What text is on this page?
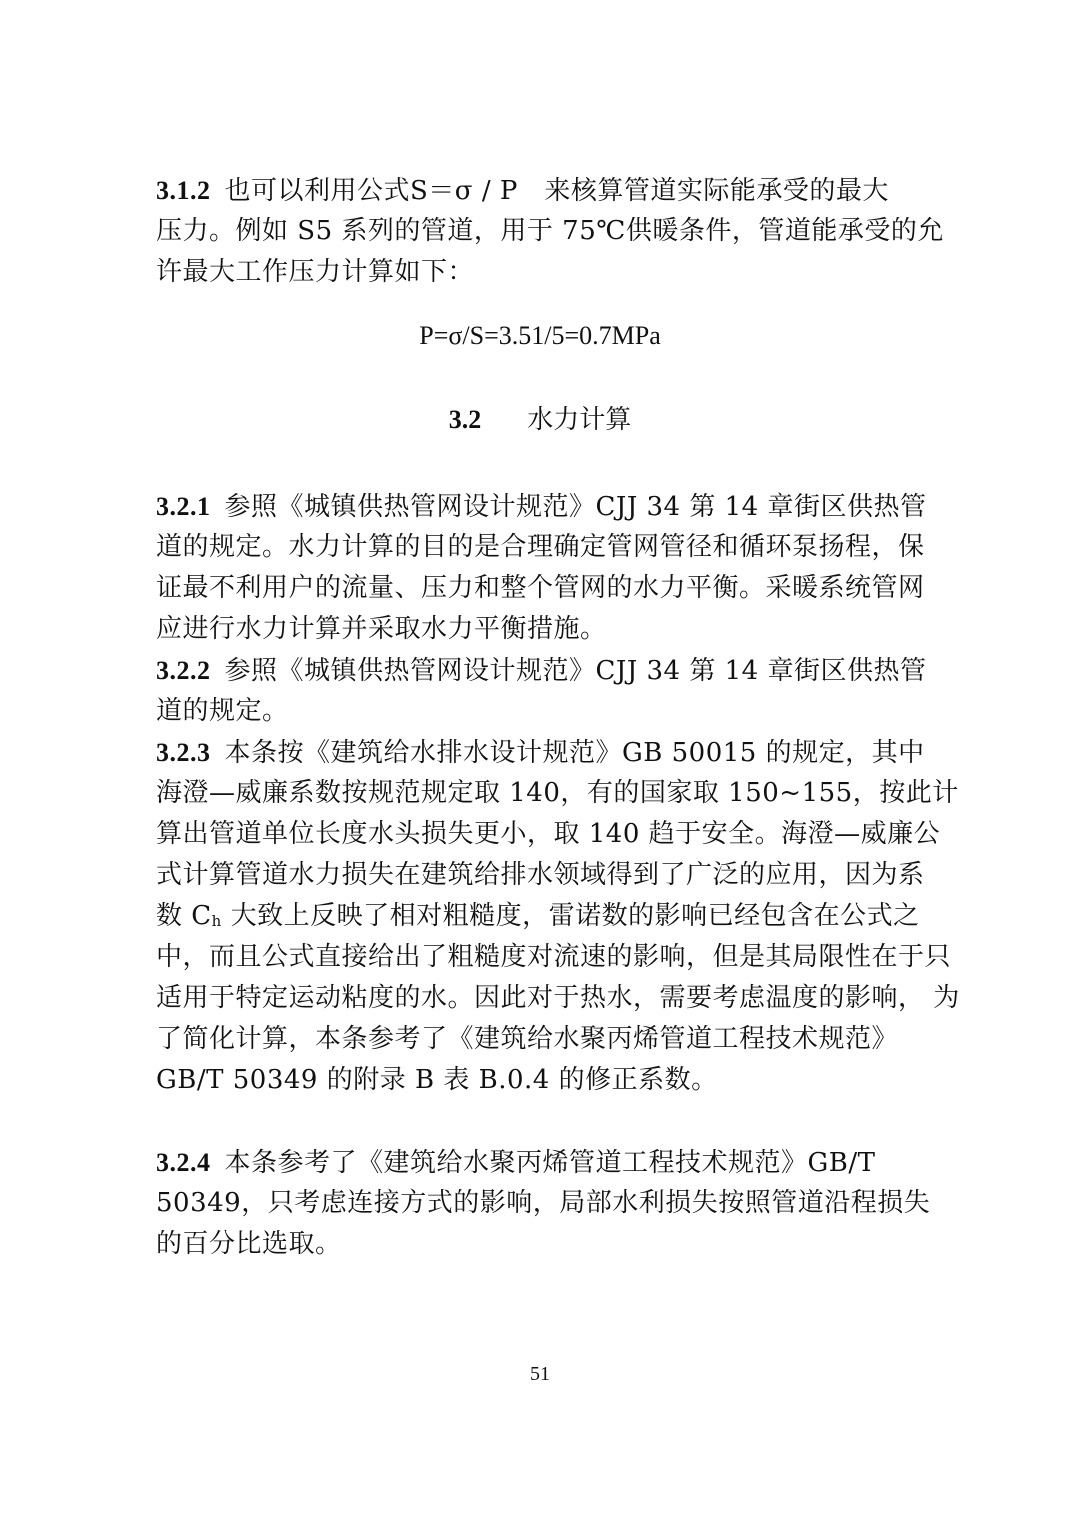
3.1.2 也可以利用公式S＝σ / P　来核算管道实际能承受的最大
压力。例如 S5 系列的管道，用于 75℃供暖条件，管道能承受的允
许最大工作压力计算如下：
P=σ/S=3.51/5=0.7MPa
3.2 水力计算
3.2.1 参照《城镇供热管网设计规范》CJJ 34 第 14 章街区供热管
道的规定。水力计算的目的是合理确定管网管径和循环泵扬程，保
证最不利用户的流量、压力和整个管网的水力平衡。采暖系统管网
应进行水力计算并采取水力平衡措施。
3.2.2 参照《城镇供热管网设计规范》CJJ 34 第 14 章街区供热管
道的规定。
3.2.3 本条按《建筑给水排水设计规范》GB 50015 的规定，其中
海澄—威廉系数按规范规定取 140，有的国家取 150~155，按此计
算出管道单位长度水头损失更小，取 140 趋于安全。海澄—威廉公
式计算管道水力损失在建筑给排水领域得到了广泛的应用，因为系
数 $C_h$ 大致上反映了相对粗糙度，雷诺数的影响已经包含在公式之
中，而且公式直接给出了粗糙度对流速的影响，但是其局限性在于只
适用于特定运动粘度的水。因此对于热水，需要考虑温度的影响， 为
了简化计算，本条参考了《建筑给水聚丙烯管道工程技术规范》
GB/T 50349 的附录 B 表 B.0.4 的修正系数。
3.2.4 本条参考了《建筑给水聚丙烯管道工程技术规范》GB/T
50349，只考虑连接方式的影响，局部水利损失按照管道沿程损失
的百分比选取。
51
